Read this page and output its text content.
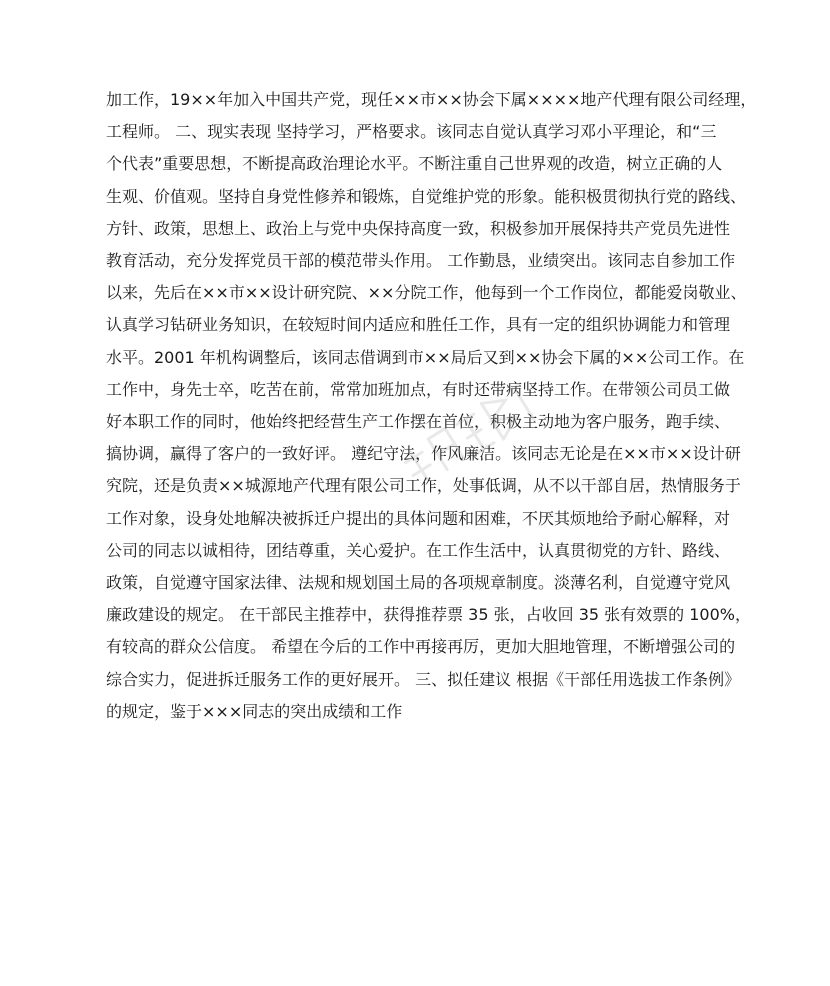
加工作，19××年加入中国共产党，现任××市××协会下属××××地产代理有限公司经理，
工程师。 二、现实表现 坚持学习，严格要求。该同志自觉认真学习邓小平理论，和“三
个代表”重要思想，不断提高政治理论水平。不断注重自己世界观的改造，树立正确的人
生观、价值观。坚持自身党性修养和锻炼，自觉维护党的形象。能积极贯彻执行党的路线、
方针、政策，思想上、政治上与党中央保持高度一致，积极参加开展保持共产党员先进性
教育活动，充分发挥党员干部的模范带头作用。 工作勤恳，业绩突出。该同志自参加工作
以来，先后在××市××设计研究院、××分院工作，他每到一个工作岗位，都能爱岗敬业、
认真学习钻研业务知识，在较短时间内适应和胜任工作，具有一定的组织协调能力和管理
水平。2001 年机构调整后，该同志借调到市××局后又到××协会下属的××公司工作。在
工作中，身先士卒，吃苦在前，常常加班加点，有时还带病坚持工作。在带领公司员工做
好本职工作的同时，他始终把经营生产工作摆在首位，积极主动地为客户服务，跑手续、
搞协调，赢得了客户的一致好评。 遵纪守法，作风廉洁。该同志无论是在××市××设计研
究院，还是负责××城源地产代理有限公司工作，处事低调，从不以干部自居，热情服务于
工作对象，设身处地解决被拆迁户提出的具体问题和困难，不厌其烦地给予耐心解释，对
公司的同志以诚相待，团结尊重，关心爱护。在工作生活中，认真贯彻党的方针、路线、
政策，自觉遵守国家法律、法规和规划国土局的各项规章制度。淡薄名利，自觉遵守党风
廉政建设的规定。 在干部民主推荐中，获得推荐票 35 张，占收回 35 张有效票的 100%，
有较高的群众公信度。 希望在今后的工作中再接再厉，更加大胆地管理，不断增强公司的
综合实力，促进拆迁服务工作的更好展开。 三、拟任建议 根据《干部任用选拔工作条例》
的规定，鉴于×××同志的突出成绩和工作
